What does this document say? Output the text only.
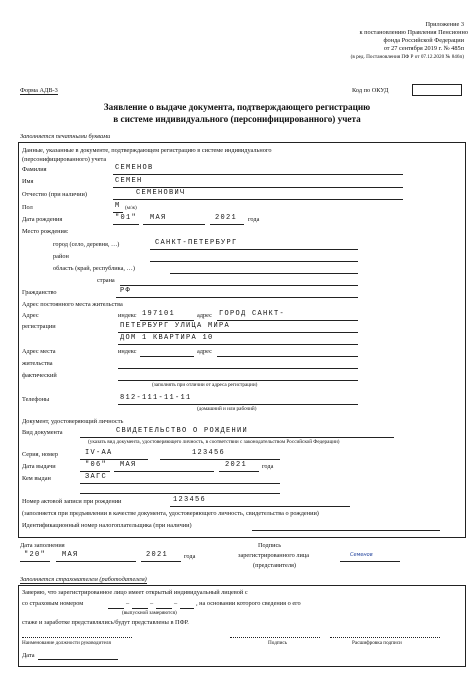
Приложение 3
к постановлению Правления Пенсионно
фонда Российской Федерации
от 27 сентября 2019 г. № 485п
(в ред. Постановления ПФ Р от 07.12.2020 № 846п)
Форма АДВ-3	Код по ОКУД
Заявление о выдаче документа, подтверждающего регистрацию
в системе индивидуального (персонифицированного) учета
Заполняется печатными буквами
Данные, указанные в документе, подтверждающем регистрацию в системе индивидуального
(персонифицированного) учета
Фамилия	СЕМЕНОВ
Имя	СЕМЕН
Отчество (при наличии)	СЕМЕНОВИЧ
Пол	М (м/ж)
Дата рождения	"01" МАЯ	2021 года
Место рождения:
город (село, деревня, …)	САНКТ-ПЕТЕРБУРГ
район
область (край, республика, …)
страна
Гражданство	РФ
Адрес постоянного места жительства
Адрес
регистрации
индекс 197101	адрес ГОРОД САНКТ-
ПЕТЕРБУРГ УЛИЦА МИРА
ДОМ 1 КВАРТИРА 10
Адрес места
жительства
фактический
индекс	адрес
(заполнять при отличии от адреса регистрации)
Телефоны	812-111-11-11
(домашний и или рабочий)
Документ, удостоверяющий личность
Вид документа	СВИДЕТЕЛЬСТВО О РОЖДЕНИИ
(указать вид документа, удостоверяющего личность, в соответствии с законодательством Российской Федерации)
Серия, номер	IV-АА	123456
Дата выдачи	"06" МАЯ	2021 года
Кем выдан	ЗАГС
Номер актовой записи при рождении	123456
(заполняется при предъявлении в качестве документа, удостоверяющего личность, свидетельства о рождении)
Идентификационный номер налогоплательщика (при наличии)
Дата заполнения
"20" МАЯ	2021	года
Подпись
зарегистрированного лица
(представителя)
Семенов
Заполняется страхователем (работодателем)
Заверяю, что зарегистрированное лицо имеет открытый индивидуальный лицевой с
со страховым номером	–	–	–	, на основании которого сведения о его
(выпускной замеряются)
стаже и заработке представлялись/будут представлены в ПФР.
Наименование должности руководителя	Подпись	Расшифровка подписи
Дата
